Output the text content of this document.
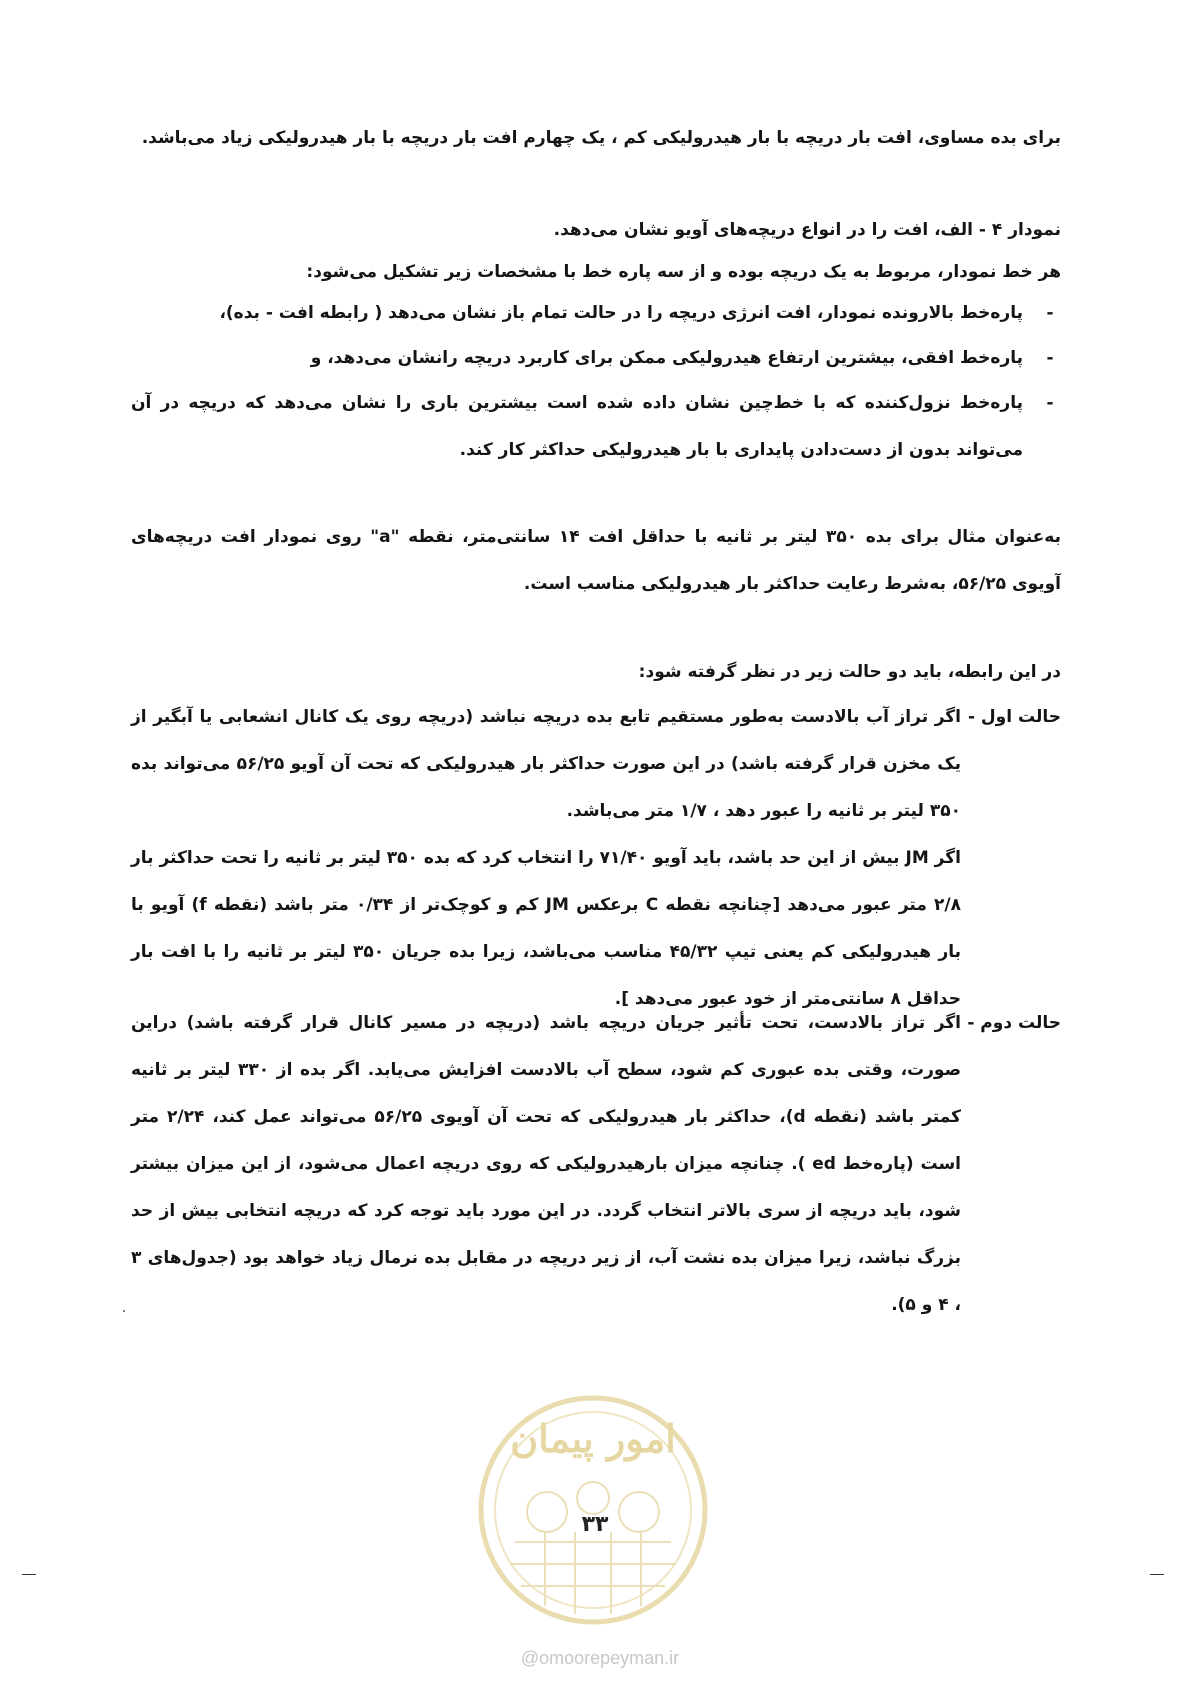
برای بده مساوی، افت بار دریچه با بار هیدرولیکی کم ، یک چهارم افت بار دریچه با بار هیدرولیکی زیاد می‌باشد.
نمودار ۴ - الف، افت را در انواع دریچه‌های آویو نشان می‌دهد.
هر خط نمودار، مربوط به یک دریچه بوده و از سه پاره خط با مشخصات زیر تشکیل می‌شود:
-
پاره‌خط بالارونده نمودار، افت انرژی دریچه را در حالت تمام باز نشان می‌دهد ( رابطه افت - بده)،
-
پاره‌خط افقی، بیشترین ارتفاع هیدرولیکی ممکن برای کاربرد دریچه رانشان می‌دهد، و
-
پاره‌خط نزول‌کننده که با خط‌چین نشان داده شده است بیشترین باری را نشان می‌دهد که دریچه در آن می‌تواند بدون از دست‌دادن پایداری با بار هیدرولیکی حداکثر کار کند.
به‌عنوان مثال برای بده ۳۵۰ لیتر بر ثانیه با حداقل افت ۱۴ سانتی‌متر، نقطه "a" روی نمودار افت دریچه‌های آویوی ۵۶/۲۵، به‌شرط رعایت حداکثر بار هیدرولیکی مناسب است.
در این رابطه، باید دو حالت زیر در نظر گرفته شود:
حالت اول -

اگر تراز آب بالادست به‌طور مستقیم تابع بده دریچه نباشد (دریچه روی یک کانال انشعابی یا آبگیر از یک مخزن قرار گرفته باشد) در این صورت حداکثر بار هیدرولیکی که تحت آن آویو ۵۶/۲۵ می‌تواند بده ۳۵۰ لیتر بر ثانیه را عبور دهد ، ۱/۷ متر می‌باشد.

اگر JM بیش از این حد باشد، باید آویو ۷۱/۴۰ را انتخاب کرد که بده ۳۵۰ لیتر بر ثانیه را تحت حداکثر بار ۲/۸ متر عبور می‌دهد [چنانچه نقطه C برعکس JM کم و کوچک‌تر از ۰/۳۴ متر باشد (نقطه f) آویو با بار هیدرولیکی کم یعنی تیپ ۴۵/۳۲ مناسب می‌باشد، زیرا بده جریان ۳۵۰ لیتر بر ثانیه را با افت بار حداقل ۸ سانتی‌متر از خود عبور می‌دهد ].

حالت دوم -

اگر تراز بالادست، تحت تأثیر جریان دریچه باشد (دریچه در مسیر کانال قرار گرفته باشد) دراین صورت، وقتی بده عبوری کم شود، سطح آب بالادست افزایش می‌یابد. اگر بده از ۳۳۰ لیتر بر ثانیه کمتر باشد (نقطه d)، حداکثر بار هیدرولیکی که تحت آن آویوی ۵۶/۲۵ می‌تواند عمل کند، ۲/۲۴ متر است (پاره‌خط ed ). چنانچه میزان بارهیدرولیکی که روی دریچه اعمال می‌شود، از این میزان بیشتر شود، باید دریچه از سری بالاتر انتخاب گردد. در این مورد باید توجه کرد که دریچه انتخابی بیش از حد بزرگ نباشد، زیرا میزان بده نشت آب، از زیر دریچه در مقابل بده نرمال زیاد خواهد بود (جدول‌های ۳ ، ۴ و ۵).

امور پیمان
۳۳
@omoorepeyman.ir
